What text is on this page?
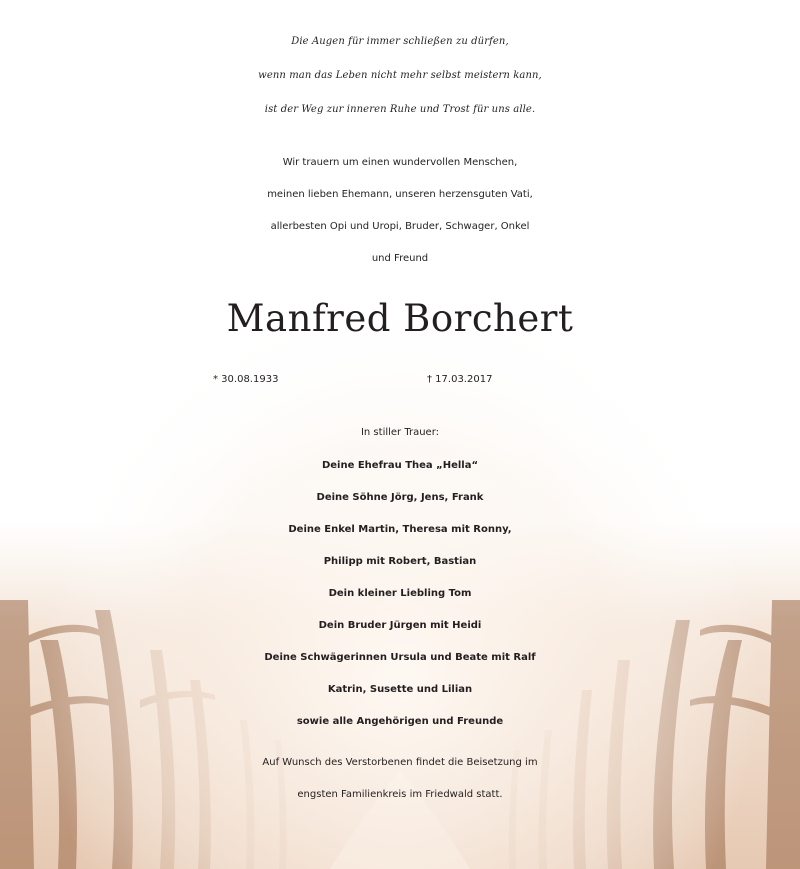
Die Augen für immer schließen zu dürfen,
wenn man das Leben nicht mehr selbst meistern kann,
ist der Weg zur inneren Ruhe und Trost für uns alle.
Wir trauern um einen wundervollen Menschen,
meinen lieben Ehemann, unseren herzensguten Vati,
allerbesten Opi und Uropi, Bruder, Schwager, Onkel
und Freund
Manfred Borchert
* 30.08.1933	† 17.03.2017
In stiller Trauer:
Deine Ehefrau Thea „Hella“
Deine Söhne Jörg, Jens, Frank
Deine Enkel Martin, Theresa mit Ronny,
Philipp mit Robert, Bastian
Dein kleiner Liebling Tom
Dein Bruder Jürgen mit Heidi
Deine Schwägerinnen Ursula und Beate mit Ralf
Katrin, Susette und Lilian
sowie alle Angehörigen und Freunde
Auf Wunsch des Verstorbenen findet die Beisetzung im
engsten Familienkreis im Friedwald statt.
